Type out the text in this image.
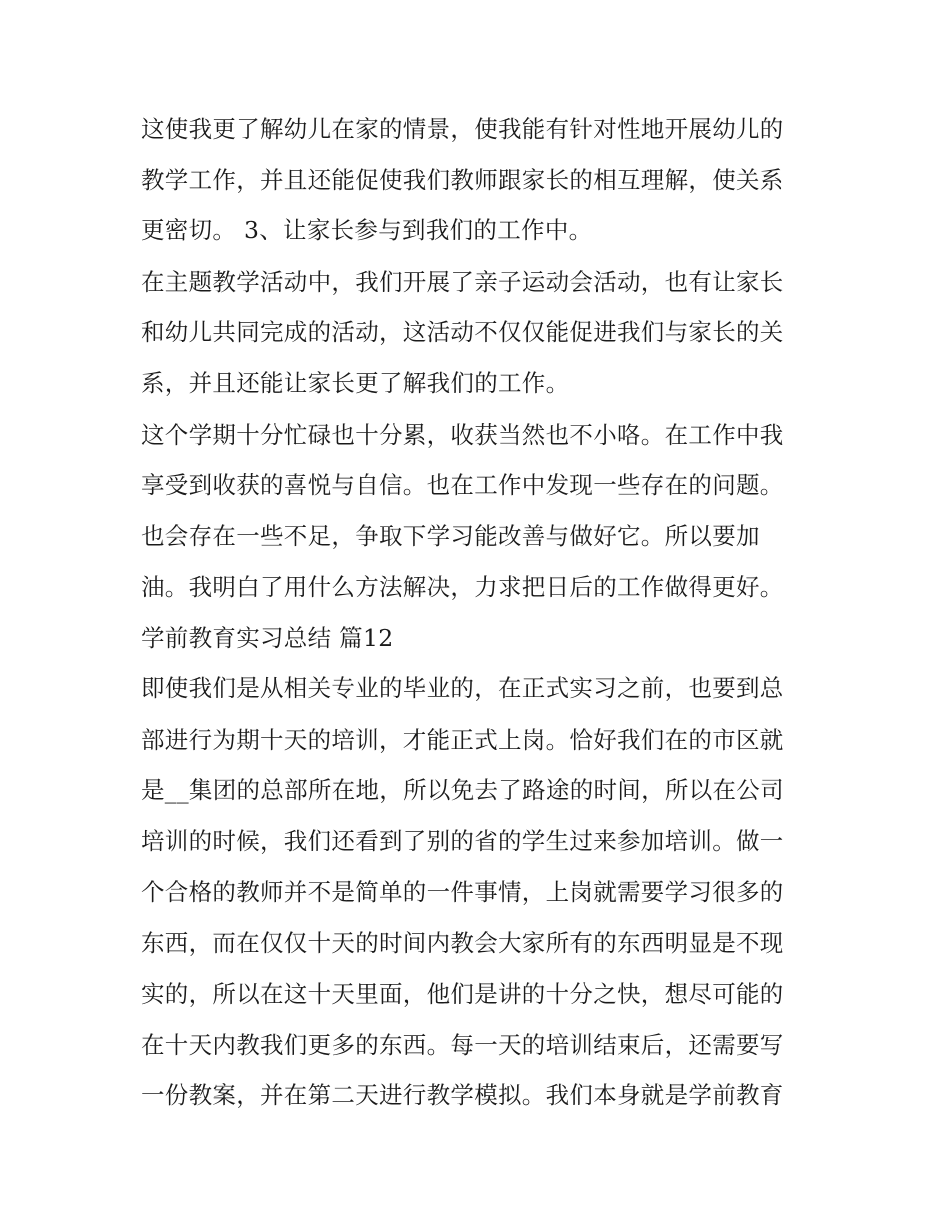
这使我更了解幼儿在家的情景，使我能有针对性地开展幼儿的
教学工作，并且还能促使我们教师跟家长的相互理解，使关系
更密切。 3、让家长参与到我们的工作中。
在主题教学活动中，我们开展了亲子运动会活动，也有让家长
和幼儿共同完成的活动，这活动不仅仅能促进我们与家长的关
系，并且还能让家长更了解我们的工作。
这个学期十分忙碌也十分累，收获当然也不小咯。在工作中我
享受到收获的喜悦与自信。也在工作中发现一些存在的问题。
也会存在一些不足，争取下学习能改善与做好它。所以要加
油。我明白了用什么方法解决，力求把日后的工作做得更好。
学前教育实习总结 篇12
即使我们是从相关专业的毕业的，在正式实习之前，也要到总
部进行为期十天的培训，才能正式上岗。恰好我们在的市区就
是__集团的总部所在地，所以免去了路途的时间，所以在公司
培训的时候，我们还看到了别的省的学生过来参加培训。做一
个合格的教师并不是简单的一件事情，上岗就需要学习很多的
东西，而在仅仅十天的时间内教会大家所有的东西明显是不现
实的，所以在这十天里面，他们是讲的十分之快，想尽可能的
在十天内教我们更多的东西。每一天的培训结束后，还需要写
一份教案，并在第二天进行教学模拟。我们本身就是学前教育
